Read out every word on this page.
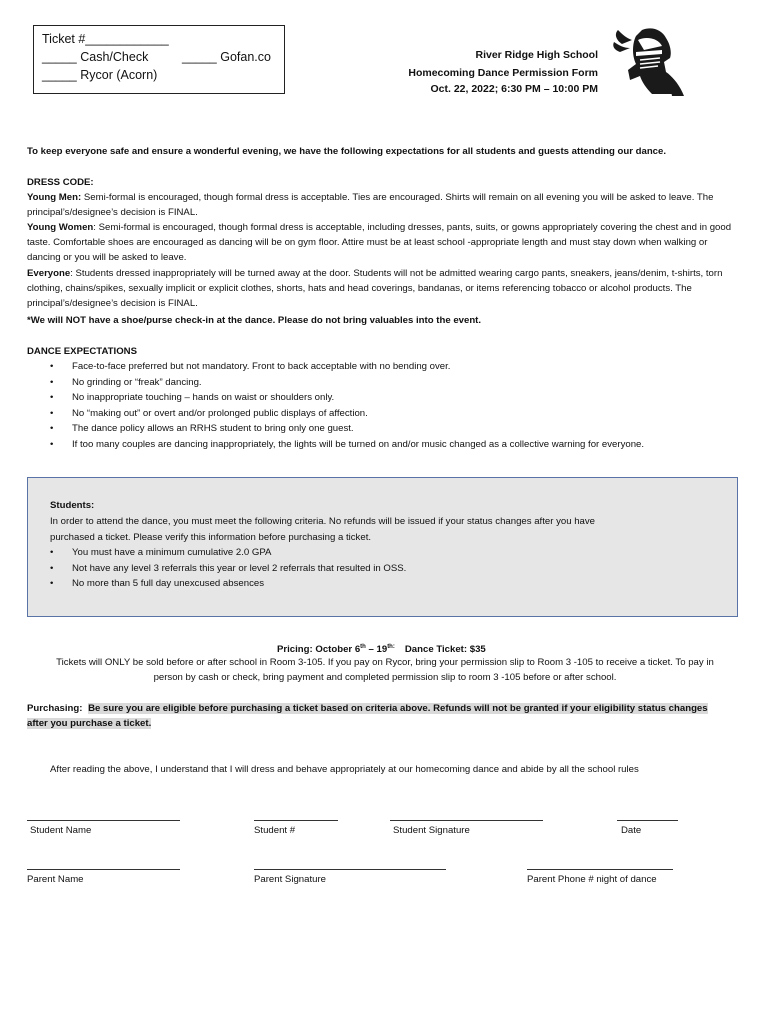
Ticket #____________
_____ Cash/Check	_____ Gofan.co
_____ Rycor (Acorn)
River Ridge High School
Homecoming Dance Permission Form
Oct. 22, 2022; 6:30 PM – 10:00 PM
To keep everyone safe and ensure a wonderful evening, we have the following expectations for all students and guests attending our dance.
DRESS CODE:
Young Men: Semi-formal is encouraged, though formal dress is acceptable. Ties are encouraged. Shirts will remain on all evening you will be asked to leave. The principal’s/designee’s decision is FINAL.
Young Women: Semi-formal is encouraged, though formal dress is acceptable, including dresses, pants, suits, or gowns appropriately covering the chest and in good taste. Comfortable shoes are encouraged as dancing will be on gym floor. Attire must be at least school -appropriate length and must stay down when walking or dancing or you will be asked to leave.
Everyone: Students dressed inappropriately will be turned away at the door. Students will not be admitted wearing cargo pants, sneakers, jeans/denim, t-shirts, torn clothing, chains/spikes, sexually implicit or explicit clothes, shorts, hats and head coverings, bandanas, or items referencing tobacco or alcohol products. The principal’s/designee’s decision is FINAL.
*We will NOT have a shoe/purse check-in at the dance. Please do not bring valuables into the event.
DANCE EXPECTATIONS
• Face-to-face preferred but not mandatory. Front to back acceptable with no bending over.
• No grinding or “freak” dancing.
• No inappropriate touching – hands on waist or shoulders only.
• No “making out” or overt and/or prolonged public displays of affection.
• The dance policy allows an RRHS student to bring only one guest.
• If too many couples are dancing inappropriately, the lights will be turned on and/or music changed as a collective warning for everyone.
Students:
In order to attend the dance, you must meet the following criteria. No refunds will be issued if your status changes after you have
purchased a ticket. Please verify this information before purchasing a ticket.
• You must have a minimum cumulative 2.0 GPA
• Not have any level 3 referrals this year or level 2 referrals that resulted in OSS.
• No more than 5 full day unexcused absences
Pricing: October $6th - 19^{th:}$ Dance Ticket: $35
Tickets will ONLY be sold before or after school in Room 3-105. If you pay on Rycor, bring your permission slip to Room 3 -105 to receive a ticket. To pay in
person by cash or check, bring payment and completed permission slip to room 3 -105 before or after school.
Purchasing: Be sure you are eligible before purchasing a ticket based on criteria above. Refunds will not be granted if your eligibility status changes
after you purchase a ticket.
After reading the above, I understand that I will dress and behave appropriately at our homecoming dance and abide by all the school rules
Student Name	Student #	Student Signature	Date
Parent Name	Parent Signature	Parent Phone # night of dance
